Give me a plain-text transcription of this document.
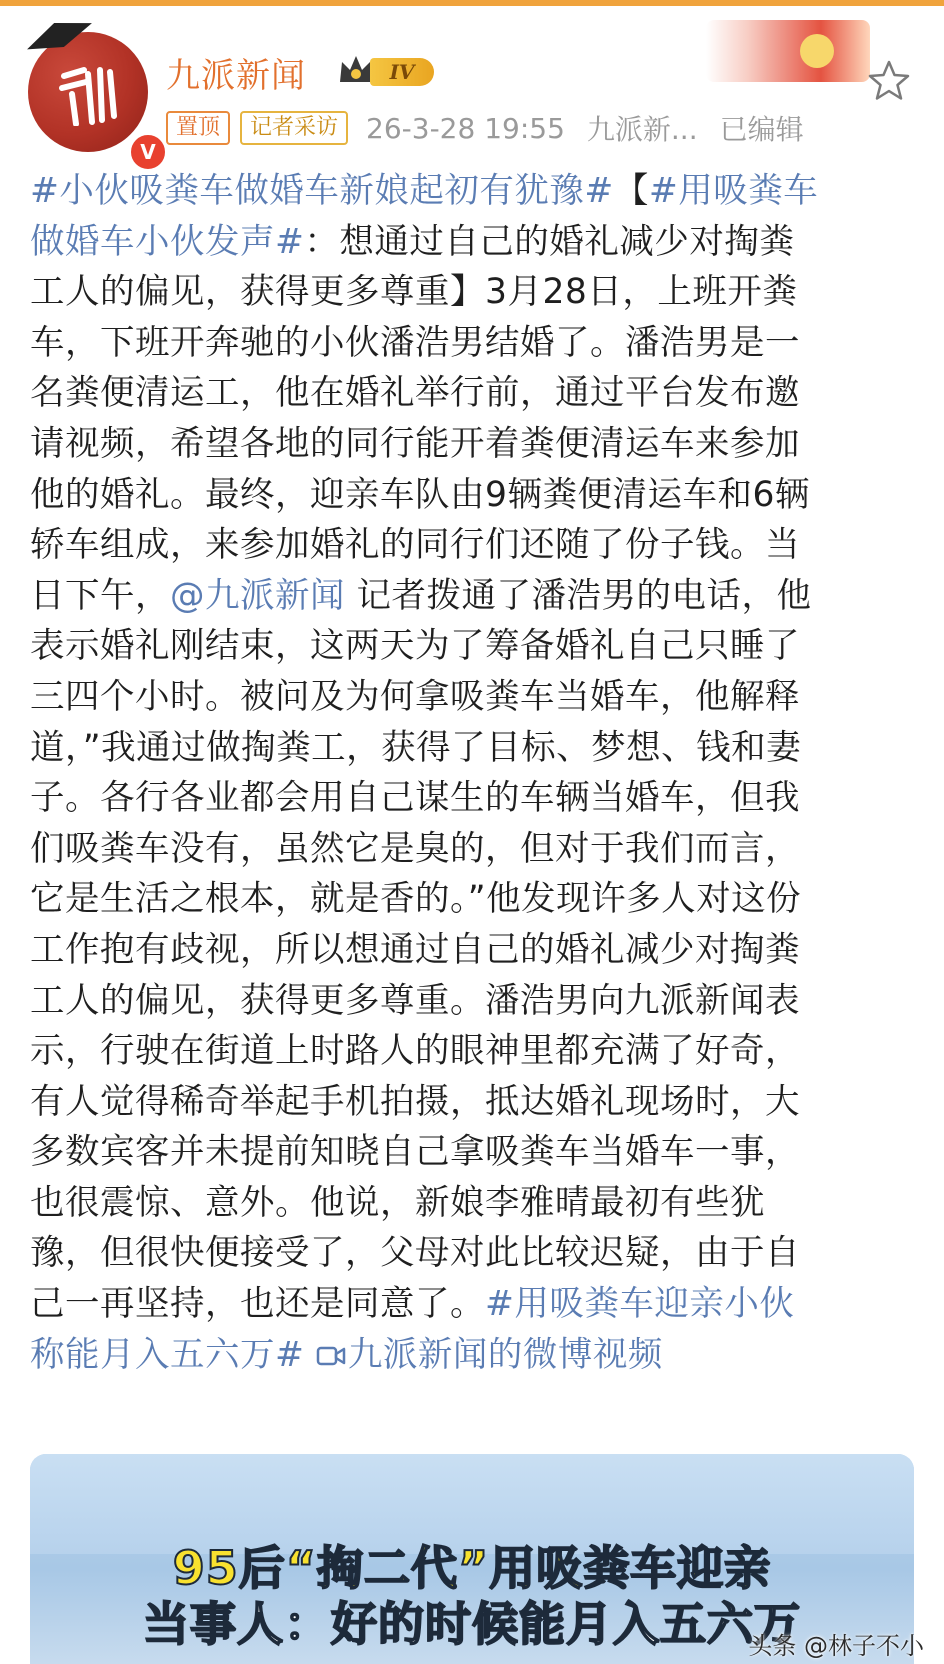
V
九派新闻	IV
置顶	记者采访	26-3-28 19:55 九派新... 已编辑
#小伙吸粪车做婚车新娘起初有犹豫#【#用吸粪车
做婚车小伙发声#：想通过自己的婚礼减少对掏粪
工人的偏见，获得更多尊重】3月28日，上班开粪
车，下班开奔驰的小伙潘浩男结婚了。潘浩男是一
名粪便清运工，他在婚礼举行前，通过平台发布邀
请视频，希望各地的同行能开着粪便清运车来参加
他的婚礼。最终，迎亲车队由9辆粪便清运车和6辆
轿车组成，来参加婚礼的同行们还随了份子钱。当
日下午，@九派新闻 记者拨通了潘浩男的电话，他
表示婚礼刚结束，这两天为了筹备婚礼自己只睡了
三四个小时。被问及为何拿吸粪车当婚车，他解释
道，”我通过做掏粪工，获得了目标、梦想、钱和妻
子。各行各业都会用自己谋生的车辆当婚车，但我
们吸粪车没有，虽然它是臭的，但对于我们而言，
它是生活之根本，就是香的。”他发现许多人对这份
工作抱有歧视，所以想通过自己的婚礼减少对掏粪
工人的偏见，获得更多尊重。潘浩男向九派新闻表
示，行驶在街道上时路人的眼神里都充满了好奇，
有人觉得稀奇举起手机拍摄，抵达婚礼现场时，大
多数宾客并未提前知晓自己拿吸粪车当婚车一事，
也很震惊、意外。他说，新娘李雅晴最初有些犹
豫，但很快便接受了，父母对此比较迟疑，由于自
己一再坚持，也还是同意了。#用吸粪车迎亲小伙
称能月入五六万# 九派新闻的微博视频
95后“掏二代”用吸粪车迎亲
当事人：好的时候能月入五六万
头条 @林子不小
